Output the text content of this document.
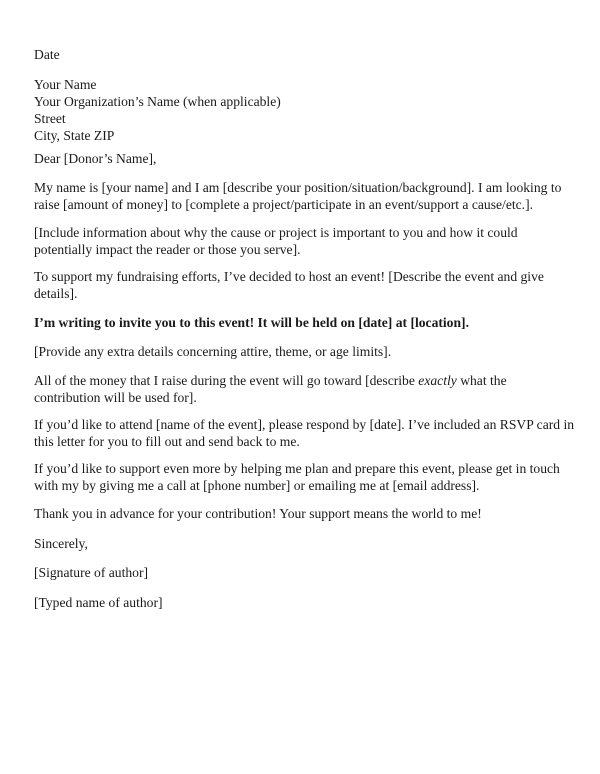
Date

Your Name

Your Organization’s Name (when applicable)

Street

City, State ZIP

Dear [Donor’s Name],

My name is [your name] and I am [describe your position/situation/background]. I am looking to
raise [amount of money] to [complete a project/participate in an event/support a cause/etc.].
[Include information about why the cause or project is important to you and how it could
potentially impact the reader or those you serve].
To support my fundraising efforts, I’ve decided to host an event! [Describe the event and give
details].

I’m writing to invite you to this event! It will be held on [date] at [location].

[Provide any extra details concerning attire, theme, or age limits].

All of the money that I raise during the event will go toward [describe exactly what the
contribution will be used for].
If you’d like to attend [name of the event], please respond by [date]. I’ve included an RSVP card in
this letter for you to fill out and send back to me.
If you’d like to support even more by helping me plan and prepare this event, please get in touch
with my by giving me a call at [phone number] or emailing me at [email address].

Thank you in advance for your contribution! Your support means the world to me!

Sincerely,

[Signature of author]

[Typed name of author]
